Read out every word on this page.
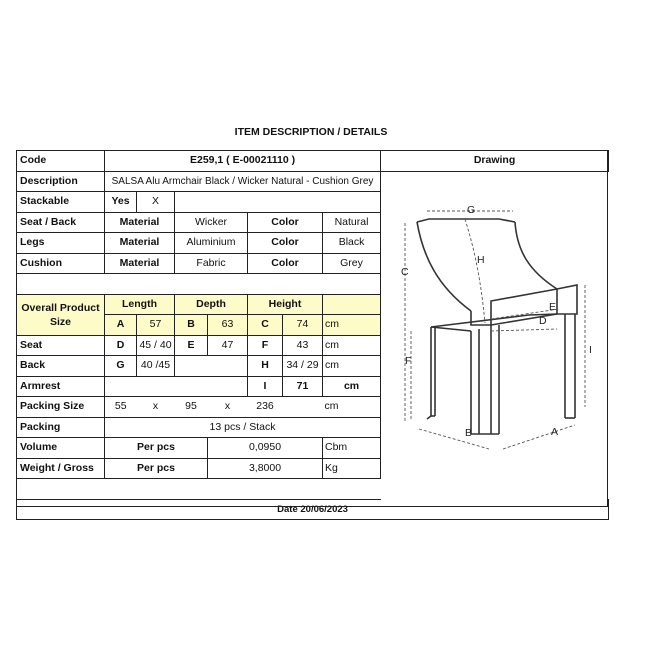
ITEM DESCRIPTION / DETAILS
Code	E259,1 ( E-00021110 )							Drawing
Description	SALSA Alu Armchair Black / Wicker Natural - Cushion Grey							
Stackable	Yes	X						
Seat / Back	Material		Wicker		Color		Natural	
Legs	Material		Aluminium		Color		Black	
Cushion	Material		Fabric		Color		Grey	

Overall Product Size	Length		Depth		Height			
	A	57	B	63	C	74	cm	
Seat	D	45 / 40	E	47	F	43	cm	
Back	G	40 /45			H	34 / 29	cm	
Armrest					I	71	cm	
Packing Size	55	x	95	x	236		cm	
Packing	13 pcs / Stack							
Volume	Per pcs			0,0950			Cbm	
Weight / Gross	Per pcs			3,8000			Kg	

Date 20/06/2023								
G
H
C
E
D
F
I
B	A
